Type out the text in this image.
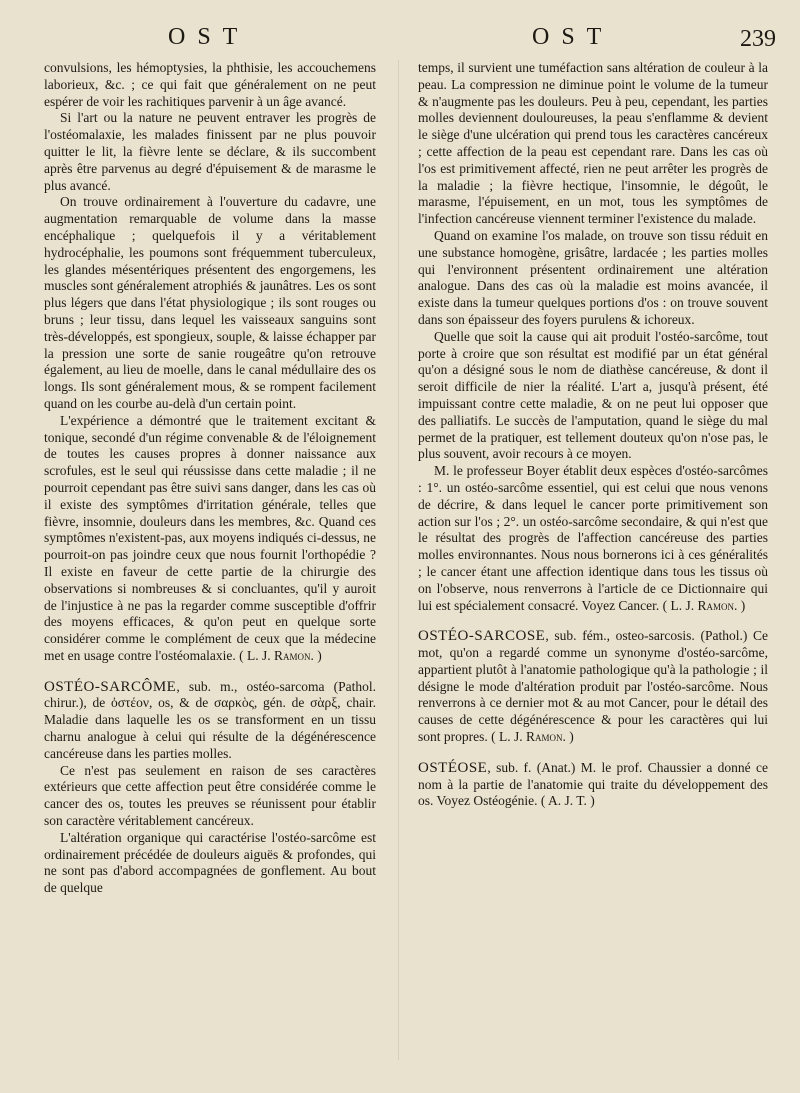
OST	OST	239

convulsions, les hémoptysies, la phthisie, les accouchemens laborieux, &c. ; ce qui fait que généralement on ne peut espérer de voir les rachitiques parvenir à un âge avancé.

Si l'art ou la nature ne peuvent entraver les progrès de l'ostéomalaxie, les malades finissent par ne plus pouvoir quitter le lit, la fièvre lente se déclare, & ils succombent après être parvenus au degré d'épuisement & de marasme le plus avancé.

On trouve ordinairement à l'ouverture du cadavre, une augmentation remarquable de volume dans la masse encéphalique ; quelquefois il y a véritablement hydrocéphalie, les poumons sont fréquemment tuberculeux, les glandes mésentériques présentent des engorgemens, les muscles sont généralement atrophiés & jaunâtres. Les os sont plus légers que dans l'état physiologique ; ils sont rouges ou bruns ; leur tissu, dans lequel les vaisseaux sanguins sont très-développés, est spongieux, souple, & laisse échapper par la pression une sorte de sanie rougeâtre qu'on retrouve également, au lieu de moelle, dans le canal médullaire des os longs. Ils sont généralement mous, & se rompent facilement quand on les courbe au-delà d'un certain point.

L'expérience a démontré que le traitement excitant & tonique, secondé d'un régime convenable & de l'éloignement de toutes les causes propres à donner naissance aux scrofules, est le seul qui réussisse dans cette maladie ; il ne pourroit cependant pas être suivi sans danger, dans les cas où il existe des symptômes d'irritation générale, telles que fièvre, insomnie, douleurs dans les membres, &c. Quand ces symptômes n'existent-pas, aux moyens indiqués ci-dessus, ne pourroit-on pas joindre ceux que nous fournit l'orthopédie ? Il existe en faveur de cette partie de la chirurgie des observations si nombreuses & si concluantes, qu'il y auroit de l'injustice à ne pas la regarder comme susceptible d'offrir des moyens efficaces, & qu'on peut en quelque sorte considérer comme le complément de ceux que la médecine met en usage contre l'ostéomalaxie. ( L. J. Ramon. )

OSTÉO-SARCÔME, sub. m., ostéo-sarcoma (Pathol. chirur.), de ὀστέον, os, & de σαρκὸς, gén. de σὰρξ, chair. Maladie dans laquelle les os se transforment en un tissu charnu analogue à celui qui résulte de la dégénérescence cancéreuse dans les parties molles.

Ce n'est pas seulement en raison de ses caractères extérieurs que cette affection peut être considérée comme le cancer des os, toutes les preuves se réunissent pour établir son caractère véritablement cancéreux.

L'altération organique qui caractérise l'ostéo-sarcôme est ordinairement précédée de douleurs aiguës & profondes, qui ne sont pas d'abord accompagnées de gonflement. Au bout de quelque

temps, il survient une tuméfaction sans altération de couleur à la peau. La compression ne diminue point le volume de la tumeur & n'augmente pas les douleurs. Peu à peu, cependant, les parties molles deviennent douloureuses, la peau s'enflamme & devient le siège d'une ulcération qui prend tous les caractères cancéreux ; cette affection de la peau est cependant rare. Dans les cas où l'os est primitivement affecté, rien ne peut arrêter les progrès de la maladie ; la fièvre hectique, l'insomnie, le dégoût, le marasme, l'épuisement, en un mot, tous les symptômes de l'infection cancéreuse viennent terminer l'existence du malade.

Quand on examine l'os malade, on trouve son tissu réduit en une substance homogène, grisâtre, lardacée ; les parties molles qui l'environnent présentent ordinairement une altération analogue. Dans des cas où la maladie est moins avancée, il existe dans la tumeur quelques portions d'os : on trouve souvent dans son épaisseur des foyers purulens & ichoreux.

Quelle que soit la cause qui ait produit l'ostéo-sarcôme, tout porte à croire que son résultat est modifié par un état général qu'on a désigné sous le nom de diathèse cancéreuse, & dont il seroit difficile de nier la réalité. L'art a, jusqu'à présent, été impuissant contre cette maladie, & on ne peut lui opposer que des palliatifs. Le succès de l'amputation, quand le siège du mal permet de la pratiquer, est tellement douteux qu'on n'ose pas, le plus souvent, avoir recours à ce moyen.

M. le professeur Boyer établit deux espèces d'ostéo-sarcômes : 1°. un ostéo-sarcôme essentiel, qui est celui que nous venons de décrire, & dans lequel le cancer porte primitivement son action sur l'os ; 2°. un ostéo-sarcôme secondaire, & qui n'est que le résultat des progrès de l'affection cancéreuse des parties molles environnantes. Nous nous bornerons ici à ces généralités ; le cancer étant une affection identique dans tous les tissus où on l'observe, nous renverrons à l'article de ce Dictionnaire qui lui est spécialement consacré. Voyez Cancer. ( L. J. Ramon. )

OSTÉO-SARCOSE, sub. fém., osteo-sarcosis. (Pathol.) Ce mot, qu'on a regardé comme un synonyme d'ostéo-sarcôme, appartient plutôt à l'anatomie pathologique qu'à la pathologie ; il désigne le mode d'altération produit par l'ostéo-sarcôme. Nous renverrons à ce dernier mot & au mot Cancer, pour le détail des causes de cette dégénérescence & pour les caractères qui lui sont propres. ( L. J. Ramon. )

OSTÉOSE, sub. f. (Anat.) M. le prof. Chaussier a donné ce nom à la partie de l'anatomie qui traite du développement des os. Voyez Ostéogénie. ( A. J. T. )
